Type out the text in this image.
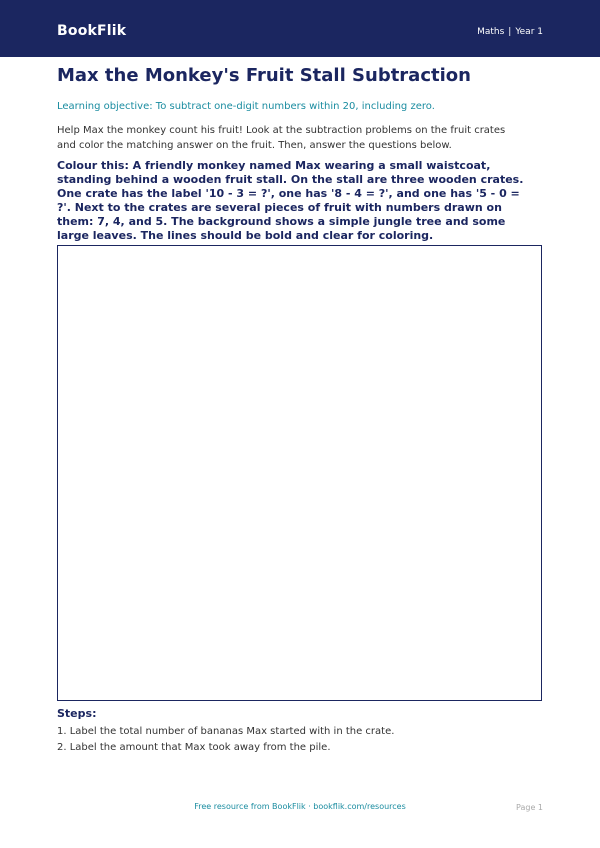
BookFlik	Maths | Year 1
Max the Monkey's Fruit Stall Subtraction
Learning objective: To subtract one-digit numbers within 20, including zero.
Help Max the monkey count his fruit! Look at the subtraction problems on the fruit crates and color the matching answer on the fruit. Then, answer the questions below.
Colour this: A friendly monkey named Max wearing a small waistcoat, standing behind a wooden fruit stall. On the stall are three wooden crates. One crate has the label '10 - 3 = ?', one has '8 - 4 = ?', and one has '5 - 0 = ?'. Next to the crates are several pieces of fruit with numbers drawn on them: 7, 4, and 5. The background shows a simple jungle tree and some large leaves. The lines should be bold and clear for coloring.
Steps:
1. Label the total number of bananas Max started with in the crate.
2. Label the amount that Max took away from the pile.
Free resource from BookFlik · bookflik.com/resources	Page 1
